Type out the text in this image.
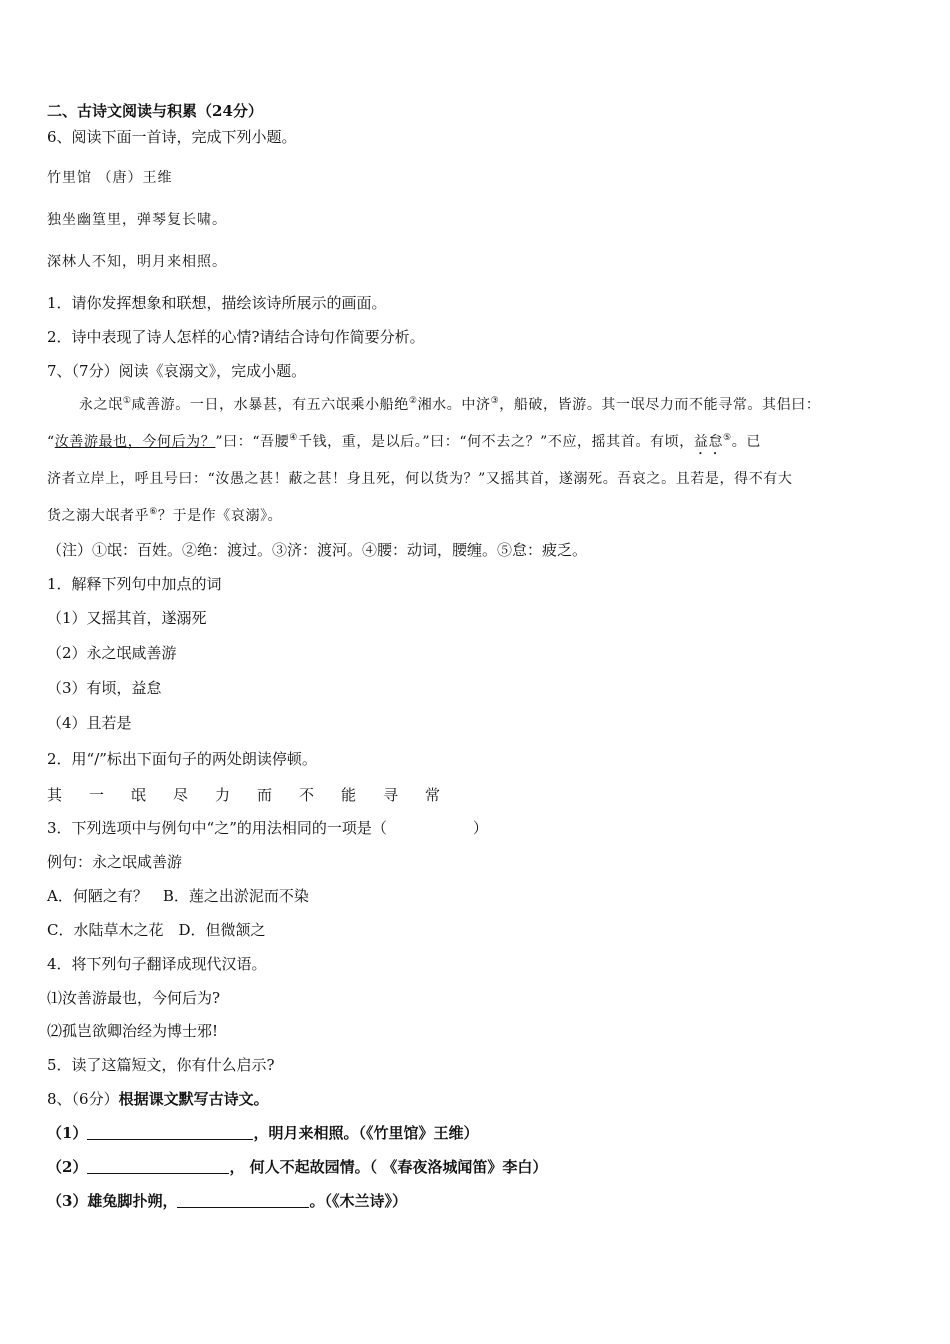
二、古诗文阅读与积累（24分）
6、阅读下面一首诗，完成下列小题。
竹里馆 （唐）王维
独坐幽篁里，弹琴复长啸。
深林人不知，明月来相照。
1．请你发挥想象和联想，描绘该诗所展示的画面。
2．诗中表现了诗人怎样的心情?请结合诗句作简要分析。
7、（7分）阅读《哀溺文》，完成小题。
永之氓①咸善游。一日，水暴甚，有五六氓乘小船绝②湘水。中济③，船破，皆游。其一氓尽力而不能寻常。其侣曰：
“汝善游最也，今何后为？”曰：“吾腰④千钱，重，是以后。”曰：“何不去之？”不应，摇其首。有顷，益怠⑤。已
济者立岸上，呼且号曰：“汝愚之甚！蔽之甚！身且死，何以货为？”又摇其首，遂溺死。吾哀之。且若是，得不有大
货之溺大氓者乎⑥？于是作《哀溺》。
（注）①氓：百姓。②绝：渡过。③济：渡河。④腰：动词，腰缠。⑤怠：疲乏。
1．解释下列句中加点的词
（1）又摇其首，遂溺死
（2）永之氓咸善游
（3）有顷，益怠
（4）且若是
2．用“/”标出下面句子的两处朗读停顿。
其 一 氓 尽 力 而 不 能 寻 常
3．下列选项中与例句中“之”的用法相同的一项是（	）
例句：永之氓咸善游
A．何陋之有？　B．莲之出淤泥而不染
C．水陆草木之花　D．但微颔之
4．将下列句子翻译成现代汉语。
⑴汝善游最也，今何后为?
⑵孤岂欲卿治经为博士邪!
5．读了这篇短文，你有什么启示?
8、（6分）根据课文默写古诗文。
（1）	，明月来相照。（《竹里馆》王维）
（2）	， 何人不起故园情。（ 《春夜洛城闻笛》李白）
（3）雄兔脚扑朔，	。（《木兰诗》）
